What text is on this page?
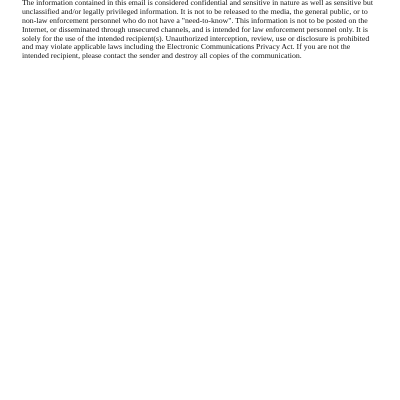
The information contained in this email is considered confidential and sensitive in nature as well as sensitive but unclassified and/or legally privileged information. It is not to be released to the media, the general public, or to non-law enforcement personnel who do not have a "need-to-know". This information is not to be posted on the Internet, or disseminated through unsecured channels, and is intended for law enforcement personnel only. It is solely for the use of the intended recipient(s). Unauthorized interception, review, use or disclosure is prohibited and may violate applicable laws including the Electronic Communications Privacy Act. If you are not the intended recipient, please contact the sender and destroy all copies of the communication.
